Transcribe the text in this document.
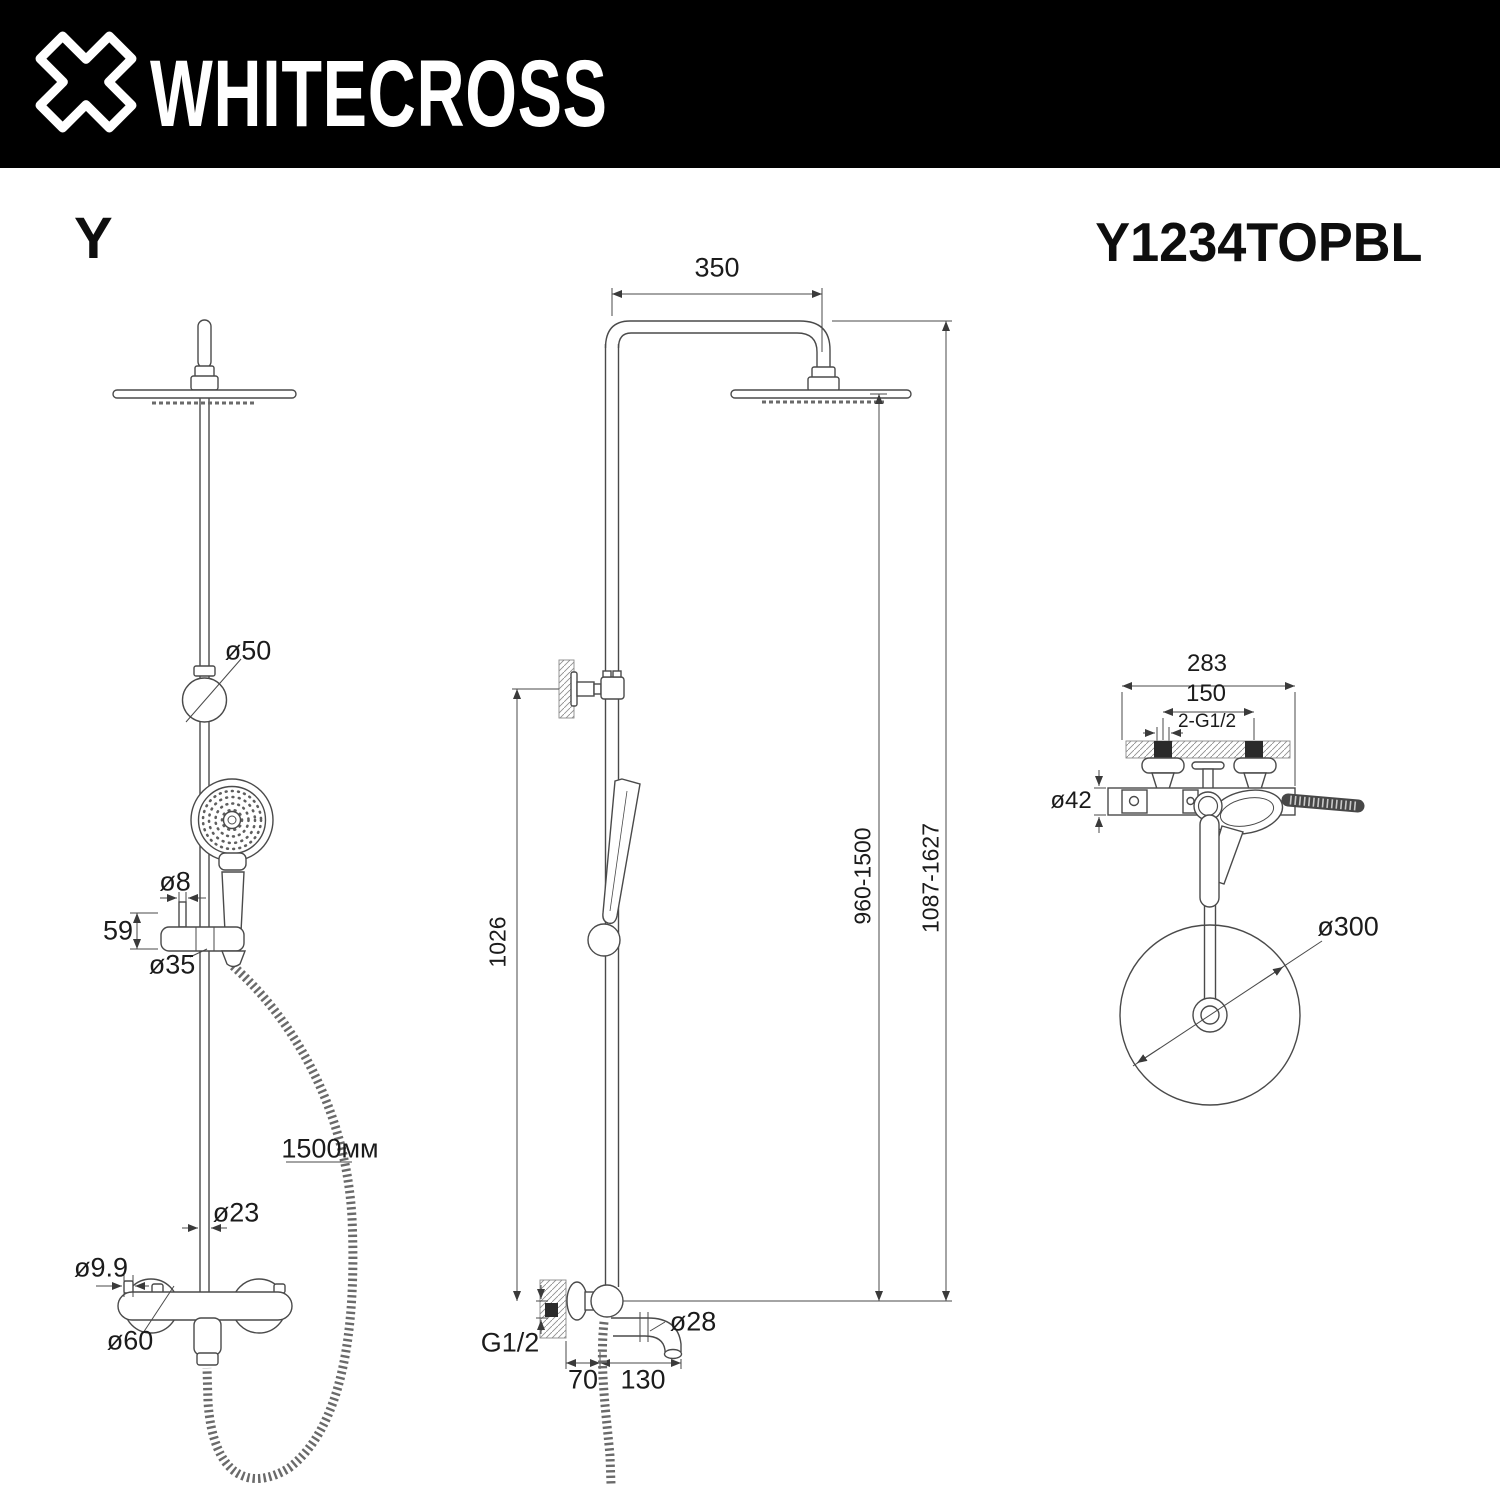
WHITECROSS
Y	Y1234TOPBL
ø50
ø8
59
ø35
1500мм
ø23
ø9.9
ø60
350
1026
960-1500 1087-1627
G1/2
ø28
70 130
283
150
2-G1/2
ø42
ø300
